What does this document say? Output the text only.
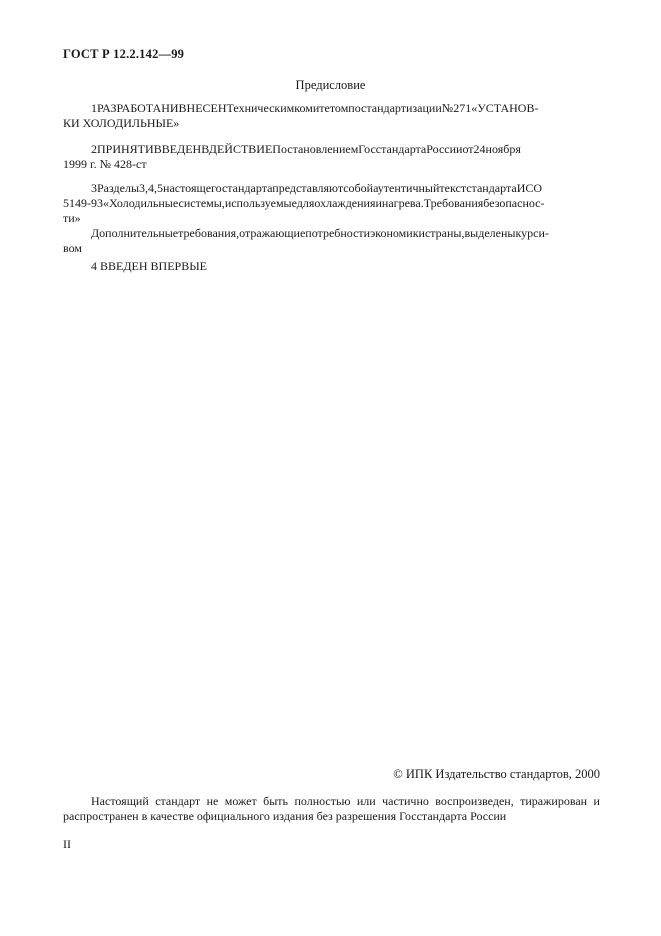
ГОСТ Р 12.2.142—99
Предисловие
1РАЗРАБОТАНИВНЕСЕНТехническимкомитетомпостандартизации№271«УСТАНОВ-
КИ ХОЛОДИЛЬНЫЕ»
2ПРИНЯТИВВЕДЕНВДЕЙСТВИЕПостановлениемГосстандартаРоссииот24ноября
1999 г. № 428-ст
3Разделы3,4,5настоящегостандартапредставляютсобойаутентичныйтекстстандартаИСО
5149-93«Холодильныесистемы,используемыедляохлажденияинагрева.Требованиябезопаснос-
ти»
Дополнительныетребования,отражающиепотребностиэкономикистраны,выделеныкурси-
вом
4 ВВЕДЕН ВПЕРВЫЕ
© ИПК Издательство стандартов, 2000
Настоящий стандарт не может быть полностью или частично воспроизведен, тиражирован и
распространен в качестве официального издания без разрешения Госстандарта России
II
